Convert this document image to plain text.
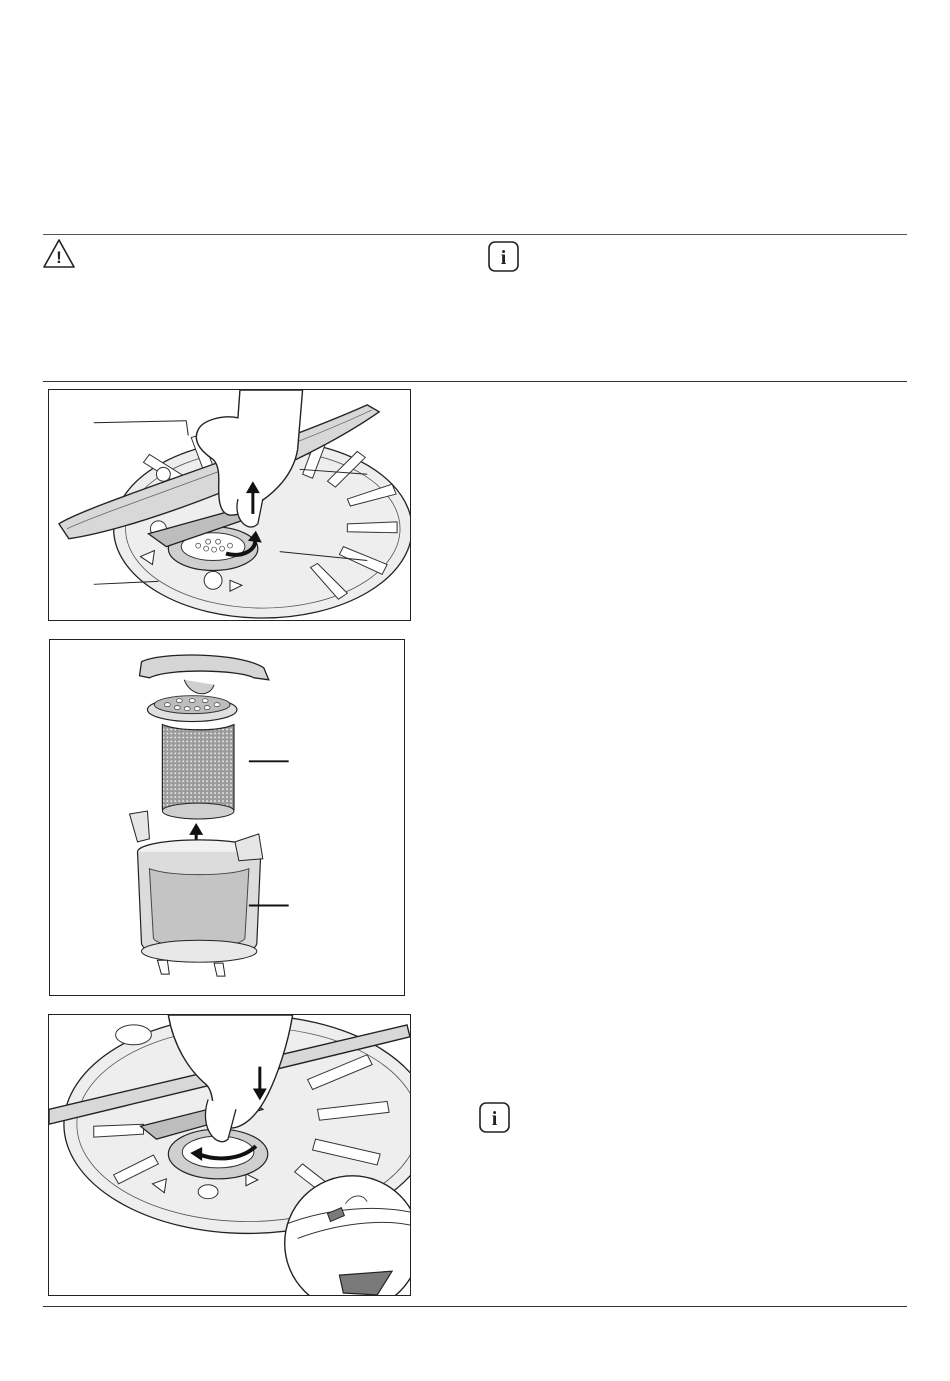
!	i
i
